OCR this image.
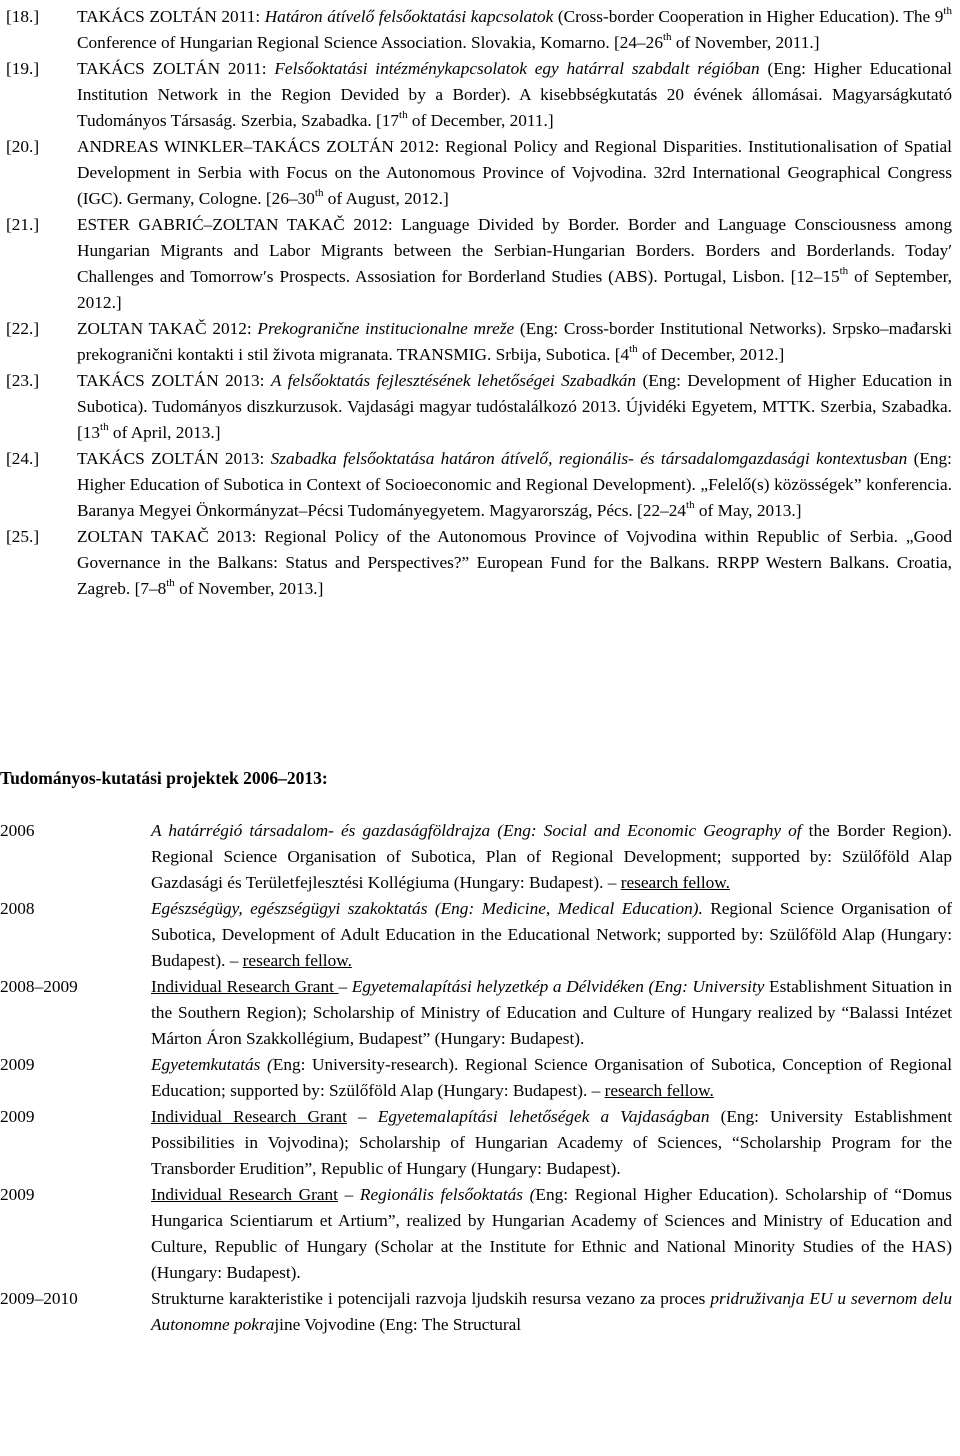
[18.] TAKÁCS ZOLTÁN 2011: Határon átívelő felsőoktatási kapcsolatok (Cross-border Cooperation in Higher Education). The 9th Conference of Hungarian Regional Science Association. Slovakia, Komarno. [24–26th of November, 2011.]
[19.] TAKÁCS ZOLTÁN 2011: Felsőoktatási intézménykapcsolatok egy határral szabdalt régióban (Eng: Higher Educational Institution Network in the Region Devided by a Border). A kisebbségkutatás 20 évének állomásai. Magyarságkutató Tudományos Társaság. Szerbia, Szabadka. [17th of December, 2011.]
[20.] ANDREAS WINKLER–TAKÁCS ZOLTÁN 2012: Regional Policy and Regional Disparities. Institutionalisation of Spatial Development in Serbia with Focus on the Autonomous Province of Vojvodina. 32rd International Geographical Congress (IGC). Germany, Cologne. [26–30th of August, 2012.]
[21.] ESTER GABRIĆ–ZOLTAN TAKAČ 2012: Language Divided by Border. Border and Language Consciousness among Hungarian Migrants and Labor Migrants between the Serbian-Hungarian Borders. Borders and Borderlands. Today′ Challenges and Tomorrow′s Prospects. Assosiation for Borderland Studies (ABS). Portugal, Lisbon. [12–15th of September, 2012.]
[22.] ZOLTAN TAKAČ 2012: Prekogranične institucionalne mreže (Eng: Cross-border Institutional Networks). Srpsko–mađarski prekogranični kontakti i stil života migranata. TRANSMIG. Srbija, Subotica. [4th of December, 2012.]
[23.] TAKÁCS ZOLTÁN 2013: A felsőoktatás fejlesztésének lehetőségei Szabadkán (Eng: Development of Higher Education in Subotica). Tudományos diszkurzusok. Vajdasági magyar tudóstalálkozó 2013. Újvidéki Egyetem, MTTK. Szerbia, Szabadka. [13th of April, 2013.]
[24.] TAKÁCS ZOLTÁN 2013: Szabadka felsőoktatása határon átívelő, regionális- és társadalomgazdasági kontextusban (Eng: Higher Education of Subotica in Context of Socioeconomic and Regional Development). „Felelő(s) közösségek” konferencia. Baranya Megyei Önkormányzat–Pécsi Tudományegyetem. Magyarország, Pécs. [22–24th of May, 2013.]
[25.] ZOLTAN TAKAČ 2013: Regional Policy of the Autonomous Province of Vojvodina within Republic of Serbia. „Good Governance in the Balkans: Status and Perspectives?” European Fund for the Balkans. RRPP Western Balkans. Croatia, Zagreb. [7–8th of November, 2013.]
Tudományos-kutatási projektek 2006–2013:
2006	A határrégió társadalom- és gazdaságföldrajza (Eng: Social and Economic Geography of the Border Region). Regional Science Organisation of Subotica, Plan of Regional Development; supported by: Szülőföld Alap Gazdasági és Területfejlesztési Kollégiuma (Hungary: Budapest). – research fellow.
2008	Egészségügy, egészségügyi szakoktatás (Eng: Medicine, Medical Education). Regional Science Organisation of Subotica, Development of Adult Education in the Educational Network; supported by: Szülőföld Alap (Hungary: Budapest). – research fellow.
2008–2009	Individual Research Grant – Egyetemalapítási helyzetkép a Délvidéken (Eng: University Establishment Situation in the Southern Region); Scholarship of Ministry of Education and Culture of Hungary realized by “Balassi Intézet Márton Áron Szakkollégium, Budapest” (Hungary: Budapest).
2009	Egyetemkutatás (Eng: University-research). Regional Science Organisation of Subotica, Conception of Regional Education; supported by: Szülőföld Alap (Hungary: Budapest). – research fellow.
2009	Individual Research Grant – Egyetemalapítási lehetőségek a Vajdaságban (Eng: University Establishment Possibilities in Vojvodina); Scholarship of Hungarian Academy of Sciences, “Scholarship Program for the Transborder Erudition”, Republic of Hungary (Hungary: Budapest).
2009	Individual Research Grant – Regionális felsőoktatás (Eng: Regional Higher Education). Scholarship of “Domus Hungarica Scientiarum et Artium”, realized by Hungarian Academy of Sciences and Ministry of Education and Culture, Republic of Hungary (Scholar at the Institute for Ethnic and National Minority Studies of the HAS) (Hungary: Budapest).
2009–2010	Strukturne karakteristike i potencijali razvoja ljudskih resursa vezano za proces pridruživanja EU u severnom delu Autonomne pokrajine Vojvodine (Eng: The Structural
